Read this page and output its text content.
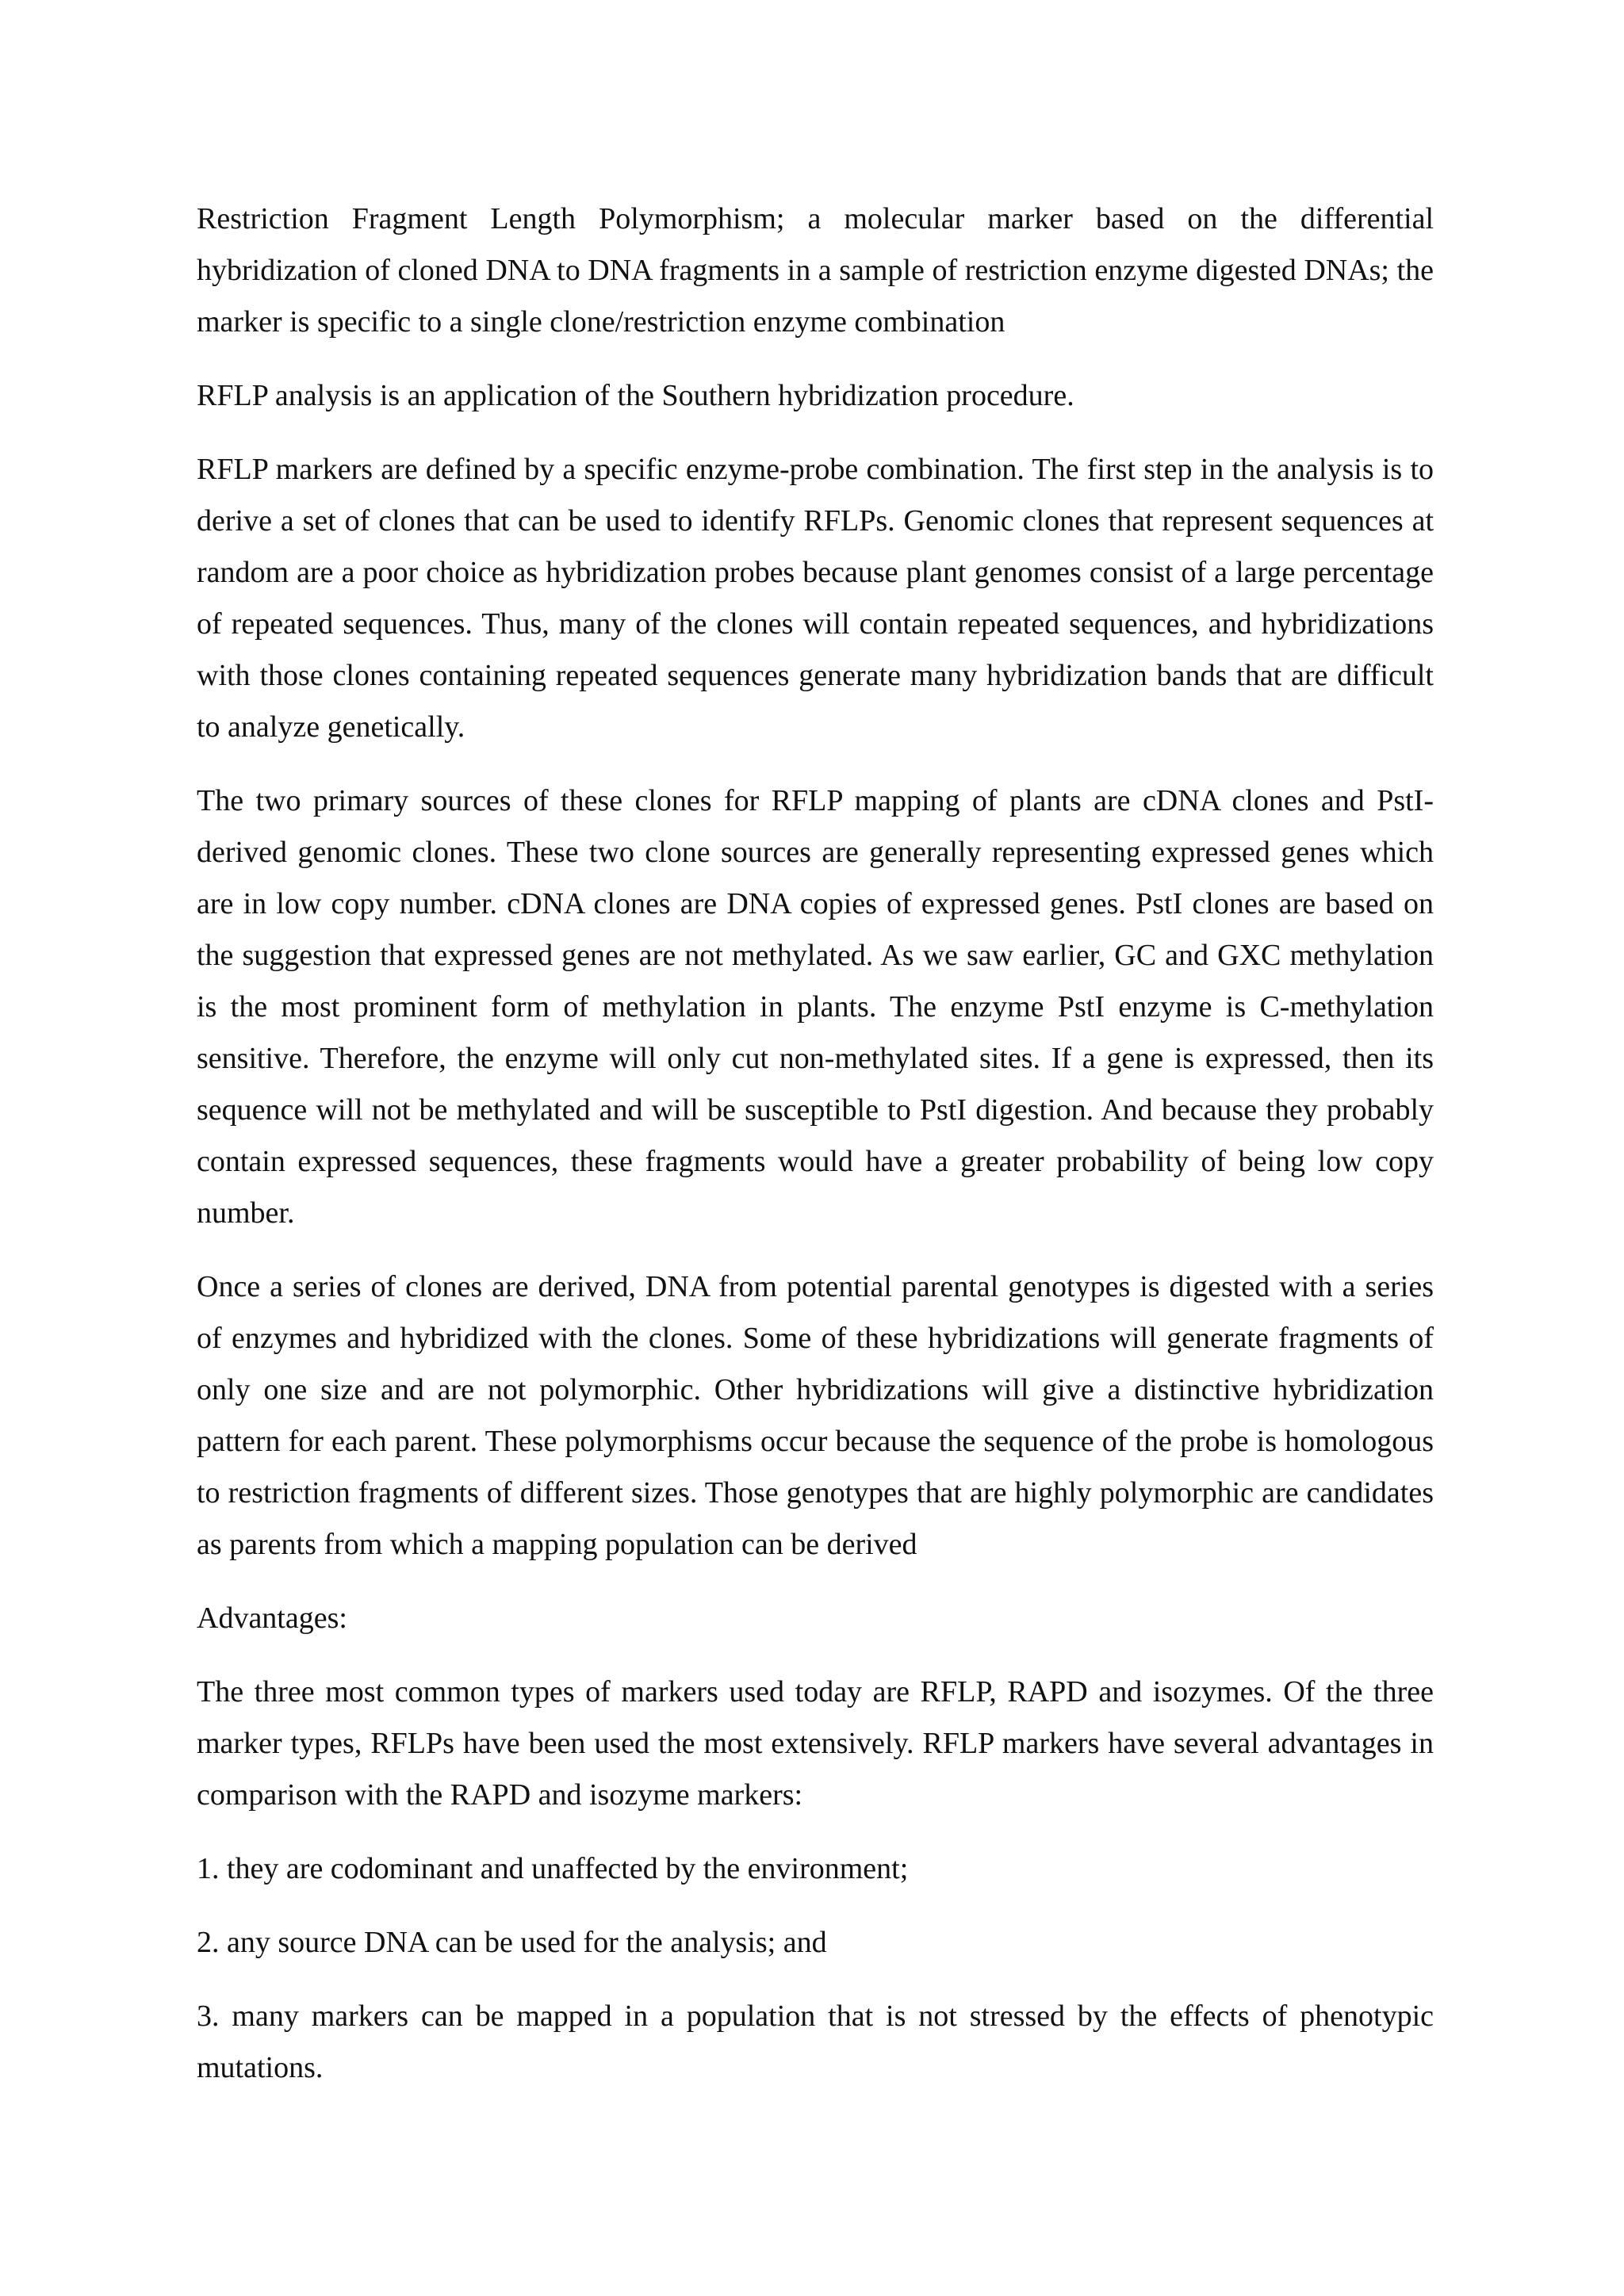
Restriction Fragment Length Polymorphism; a molecular marker based on the differential hybridization of cloned DNA to DNA fragments in a sample of restriction enzyme digested DNAs; the marker is specific to a single clone/restriction enzyme combination

RFLP analysis is an application of the Southern hybridization procedure.

RFLP markers are defined by a specific enzyme-probe combination. The first step in the analysis is to derive a set of clones that can be used to identify RFLPs. Genomic clones that represent sequences at random are a poor choice as hybridization probes because plant genomes consist of a large percentage of repeated sequences. Thus, many of the clones will contain repeated sequences, and hybridizations with those clones containing repeated sequences generate many hybridization bands that are difficult to analyze genetically.

The two primary sources of these clones for RFLP mapping of plants are cDNA clones and PstI-derived genomic clones. These two clone sources are generally representing expressed genes which are in low copy number. cDNA clones are DNA copies of expressed genes. PstI clones are based on the suggestion that expressed genes are not methylated. As we saw earlier, GC and GXC methylation is the most prominent form of methylation in plants. The enzyme PstI enzyme is C-methylation sensitive. Therefore, the enzyme will only cut non-methylated sites. If a gene is expressed, then its sequence will not be methylated and will be susceptible to PstI digestion. And because they probably contain expressed sequences, these fragments would have a greater probability of being low copy number.

Once a series of clones are derived, DNA from potential parental genotypes is digested with a series of enzymes and hybridized with the clones. Some of these hybridizations will generate fragments of only one size and are not polymorphic. Other hybridizations will give a distinctive hybridization pattern for each parent. These polymorphisms occur because the sequence of the probe is homologous to restriction fragments of different sizes. Those genotypes that are highly polymorphic are candidates as parents from which a mapping population can be derived

Advantages:

The three most common types of markers used today are RFLP, RAPD and isozymes. Of the three marker types, RFLPs have been used the most extensively. RFLP markers have several advantages in comparison with the RAPD and isozyme markers:

1. they are codominant and unaffected by the environment;

2. any source DNA can be used for the analysis; and

3. many markers can be mapped in a population that is not stressed by the effects of phenotypic mutations.
